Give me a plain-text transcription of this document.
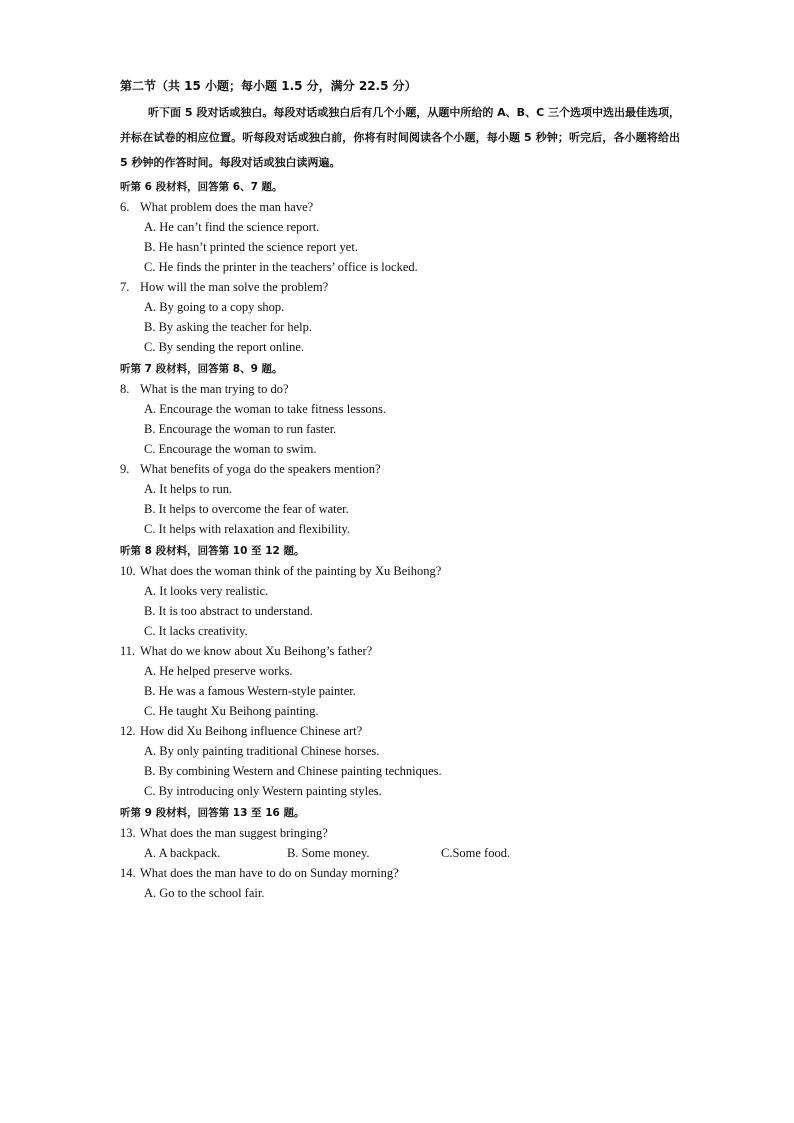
第二节（共 15 小题；每小题 1.5 分，满分 22.5 分）
听下面 5 段对话或独白。每段对话或独白后有几个小题，从题中所给的 A、B、C 三个选项中选出最佳选项，并标在试卷的相应位置。听每段对话或独白前，你将有时间阅读各个小题，每小题 5 秒钟；听完后，各小题将给出 5 秒钟的作答时间。每段对话或独白读两遍。
听第 6 段材料，回答第 6、7 题。
6. What problem does the man have?
A. He can’t find the science report.
B. He hasn’t printed the science report yet.
C. He finds the printer in the teachers’ office is locked.
7. How will the man solve the problem?
A. By going to a copy shop.
B. By asking the teacher for help.
C. By sending the report online.
听第 7 段材料，回答第 8、9 题。
8. What is the man trying to do?
A. Encourage the woman to take fitness lessons.
B. Encourage the woman to run faster.
C. Encourage the woman to swim.
9. What benefits of yoga do the speakers mention?
A. It helps to run.
B. It helps to overcome the fear of water.
C. It helps with relaxation and flexibility.
听第 8 段材料，回答第 10 至 12 题。
10. What does the woman think of the painting by Xu Beihong?
A. It looks very realistic.
B. It is too abstract to understand.
C. It lacks creativity.
11. What do we know about Xu Beihong’s father?
A. He helped preserve works.
B. He was a famous Western-style painter.
C. He taught Xu Beihong painting.
12. How did Xu Beihong influence Chinese art?
A. By only painting traditional Chinese horses.
B. By combining Western and Chinese painting techniques.
C. By introducing only Western painting styles.
听第 9 段材料，回答第 13 至 16 题。
13. What does the man suggest bringing?
A. A backpack.	B. Some money.	C.Some food.
14. What does the man have to do on Sunday morning?
A. Go to the school fair.
